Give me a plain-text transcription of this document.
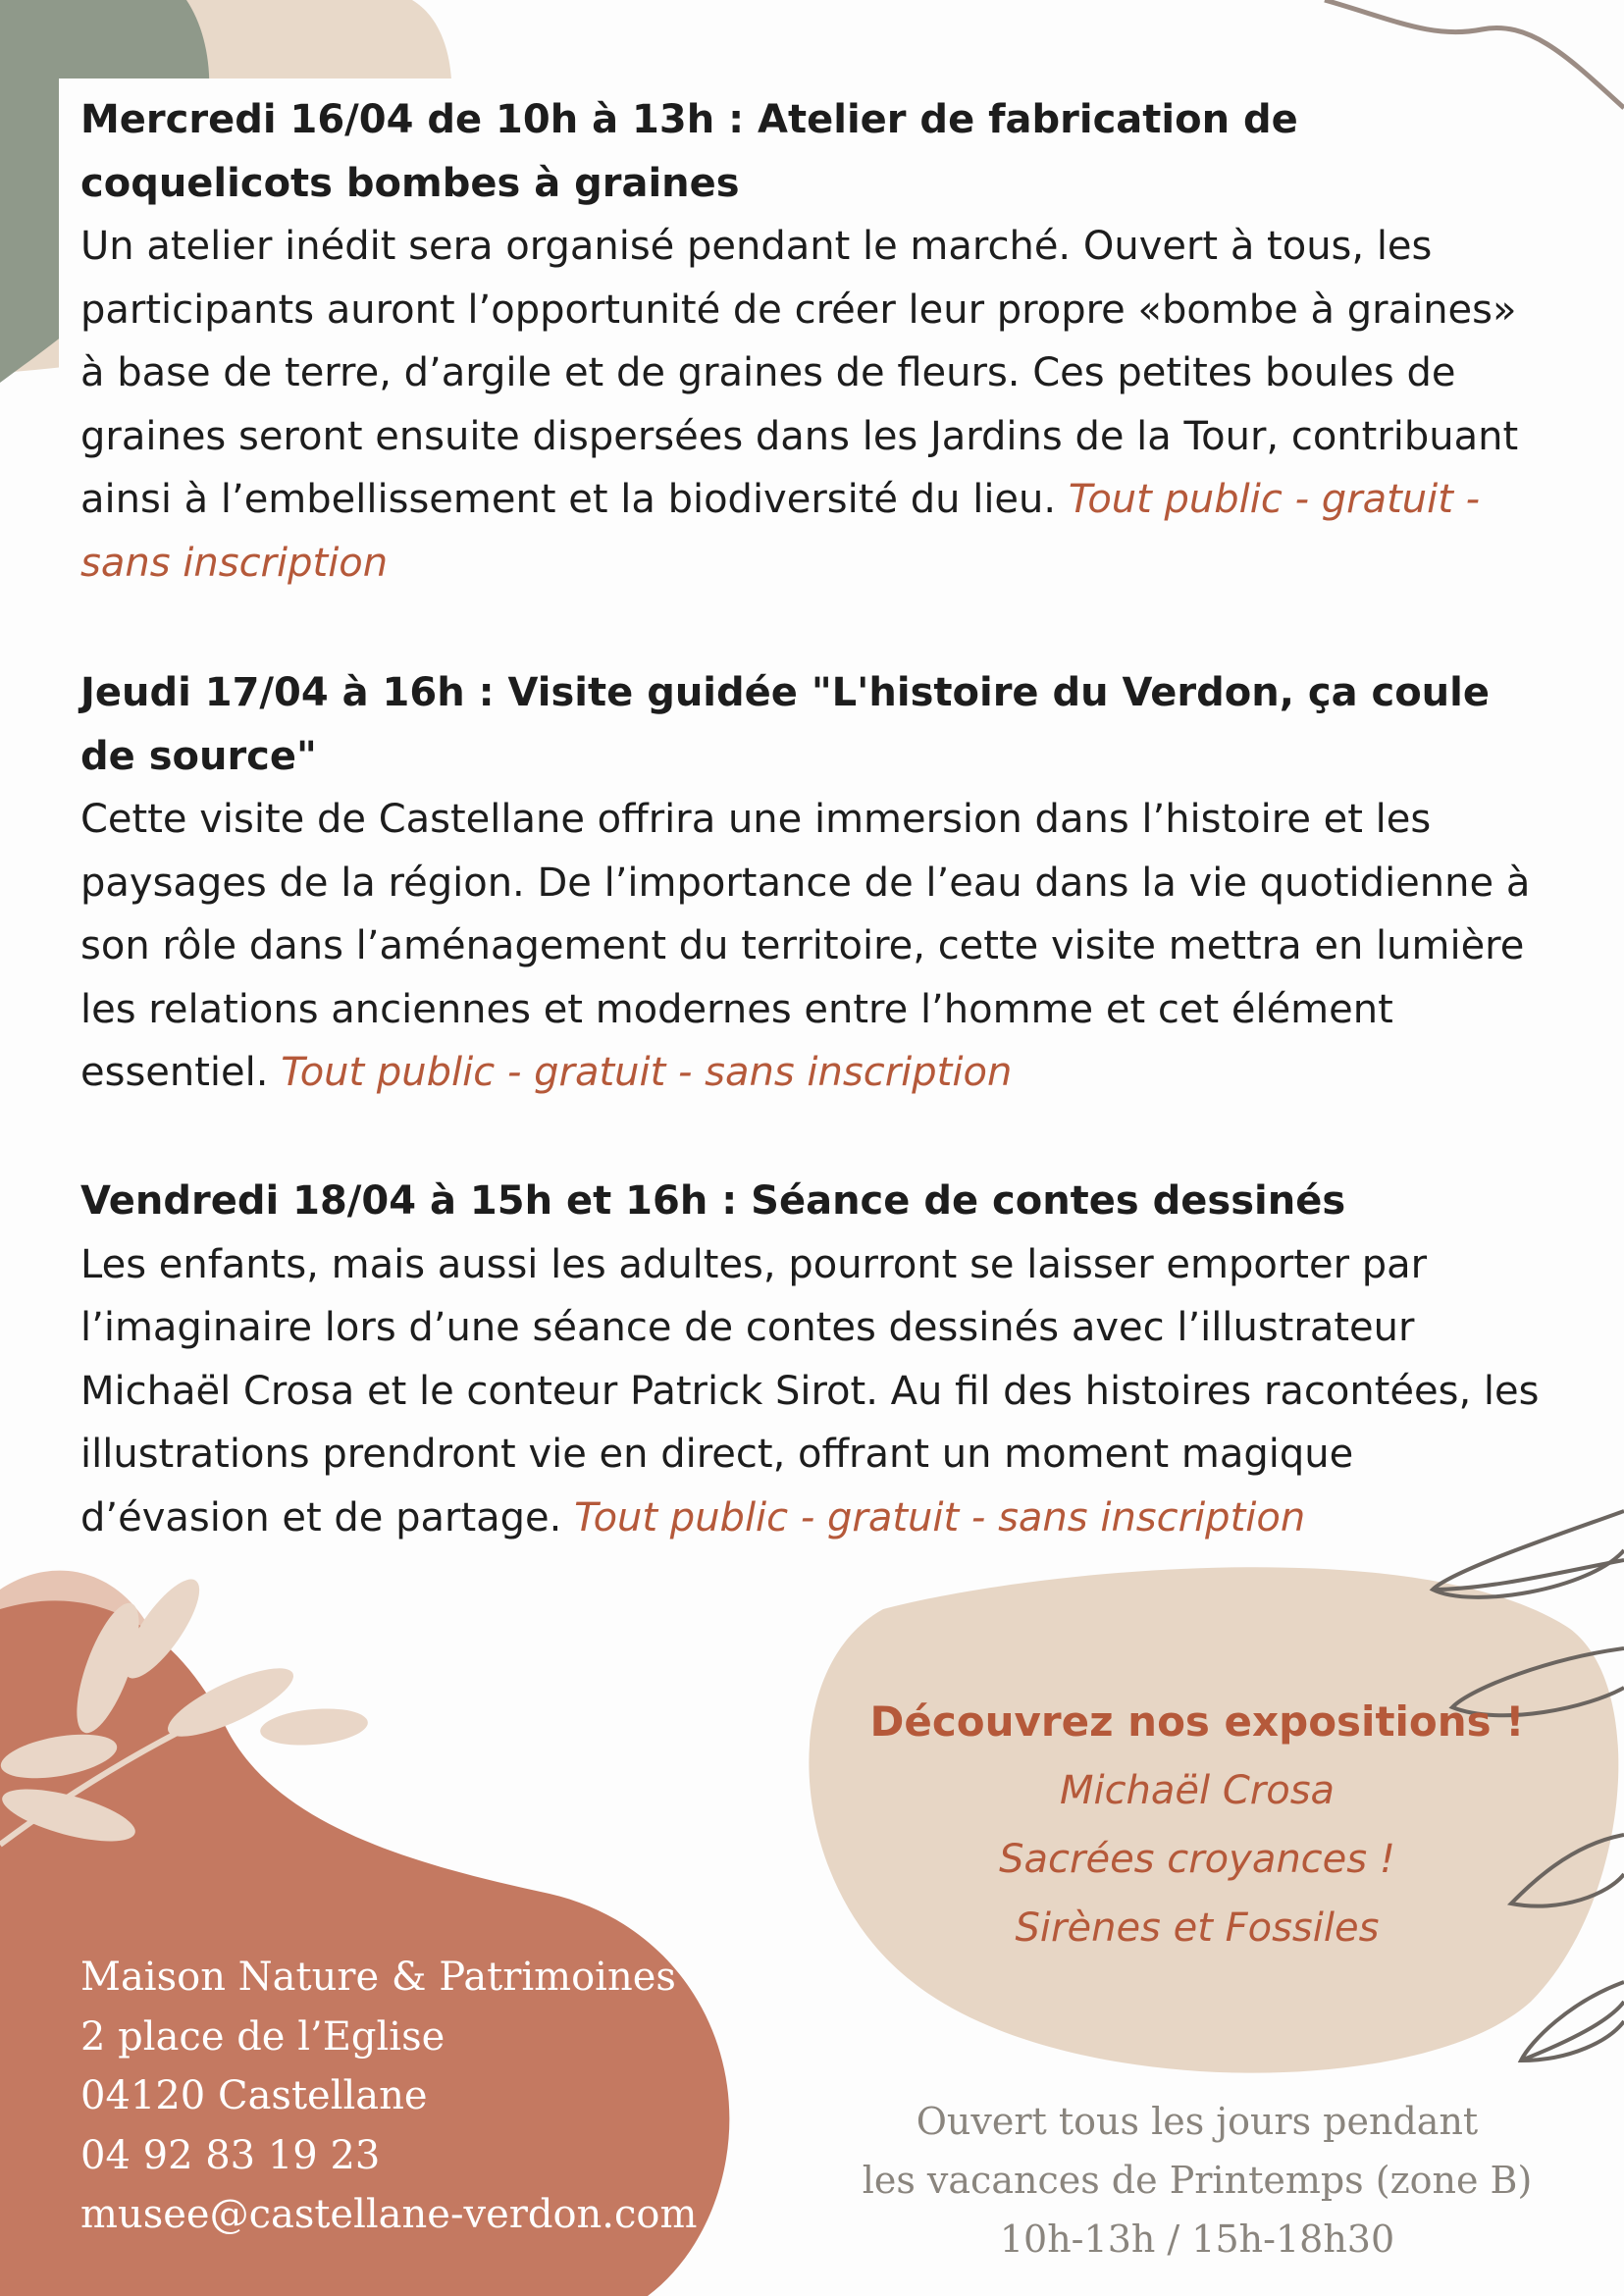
Mercredi 16/04 de 10h à 13h : Atelier de fabrication de coquelicots bombes à graines
Un atelier inédit sera organisé pendant le marché. Ouvert à tous, les participants auront l’opportunité de créer leur propre «bombe à graines» à base de terre, d’argile et de graines de fleurs. Ces petites boules de graines seront ensuite dispersées dans les Jardins de la Tour, contribuant ainsi à l’embellissement et la biodiversité du lieu. Tout public - gratuit - sans inscription
Jeudi 17/04 à 16h : Visite guidée "L'histoire du Verdon, ça coule de source"
Cette visite de Castellane offrira une immersion dans l’histoire et les paysages de la région. De l’importance de l’eau dans la vie quotidienne à son rôle dans l’aménagement du territoire, cette visite mettra en lumière les relations anciennes et modernes entre l’homme et cet élément essentiel. Tout public - gratuit - sans inscription
Vendredi 18/04 à 15h et 16h : Séance de contes dessinés
Les enfants, mais aussi les adultes, pourront se laisser emporter par l’imaginaire lors d’une séance de contes dessinés avec l’illustrateur Michaël Crosa et le conteur Patrick Sirot. Au fil des histoires racontées, les illustrations prendront vie en direct, offrant un moment magique d’évasion et de partage. Tout public - gratuit - sans inscription
Découvrez nos expositions !
Michaël Crosa
Sacrées croyances !
Sirènes et Fossiles
Maison Nature & Patrimoines
2 place de l’Eglise
04120 Castellane
04 92 83 19 23
musee@castellane-verdon.com
Ouvert tous les jours pendant
les vacances de Printemps (zone B)
10h-13h / 15h-18h30
